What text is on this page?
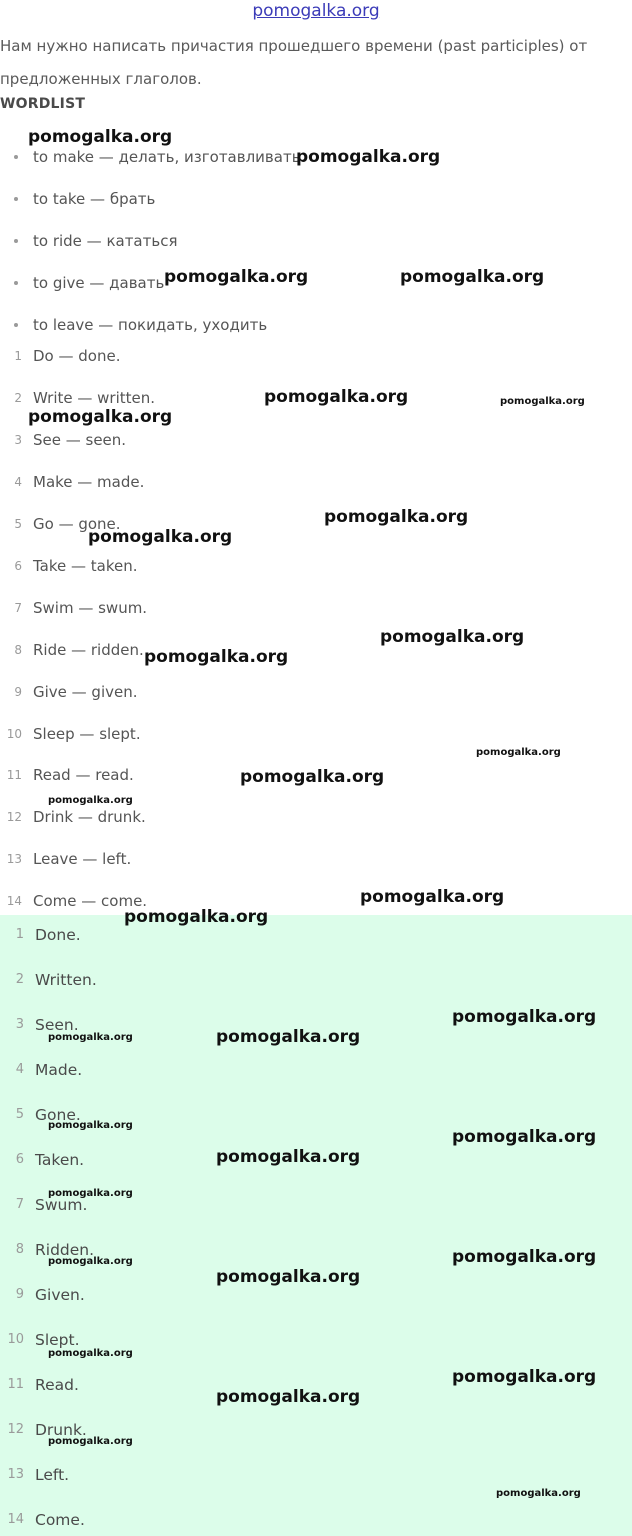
pomogalka.org
Нам нужно написать причастия прошедшего времени (past participles) от предложенных глаголов.
WORDLIST
to make — делать, изготавливать
to take — брать
to ride — кататься
to give — давать
to leave — покидать, уходить
1 Do — done.
2 Write — written.
3 See — seen.
4 Make — made.
5 Go — gone.
6 Take — taken.
7 Swim — swum.
8 Ride — ridden.
9 Give — given.
10 Sleep — slept.
11 Read — read.
12 Drink — drunk.
13 Leave — left.
14 Come — come.
1 Done.
2 Written.
3 Seen.
4 Made.
5 Gone.
6 Taken.
7 Swum.
8 Ridden.
9 Given.
10 Slept.
11 Read.
12 Drunk.
13 Left.
14 Come.
pomogalka.org
pomogalka.org
pomogalka.org	pomogalka.org
pomogalka.org	pomogalka.org
pomogalka.org
pomogalka.org
pomogalka.org
pomogalka.org
pomogalka.org
pomogalka.org
pomogalka.org
pomogalka.org
pomogalka.org
pomogalka.org
pomogalka.org
pomogalka.org	pomogalka.org
pomogalka.org
pomogalka.org
pomogalka.org
pomogalka.org
pomogalka.org
pomogalka.org
pomogalka.org
pomogalka.org
pomogalka.org
pomogalka.org
pomogalka.org
pomogalka.org
